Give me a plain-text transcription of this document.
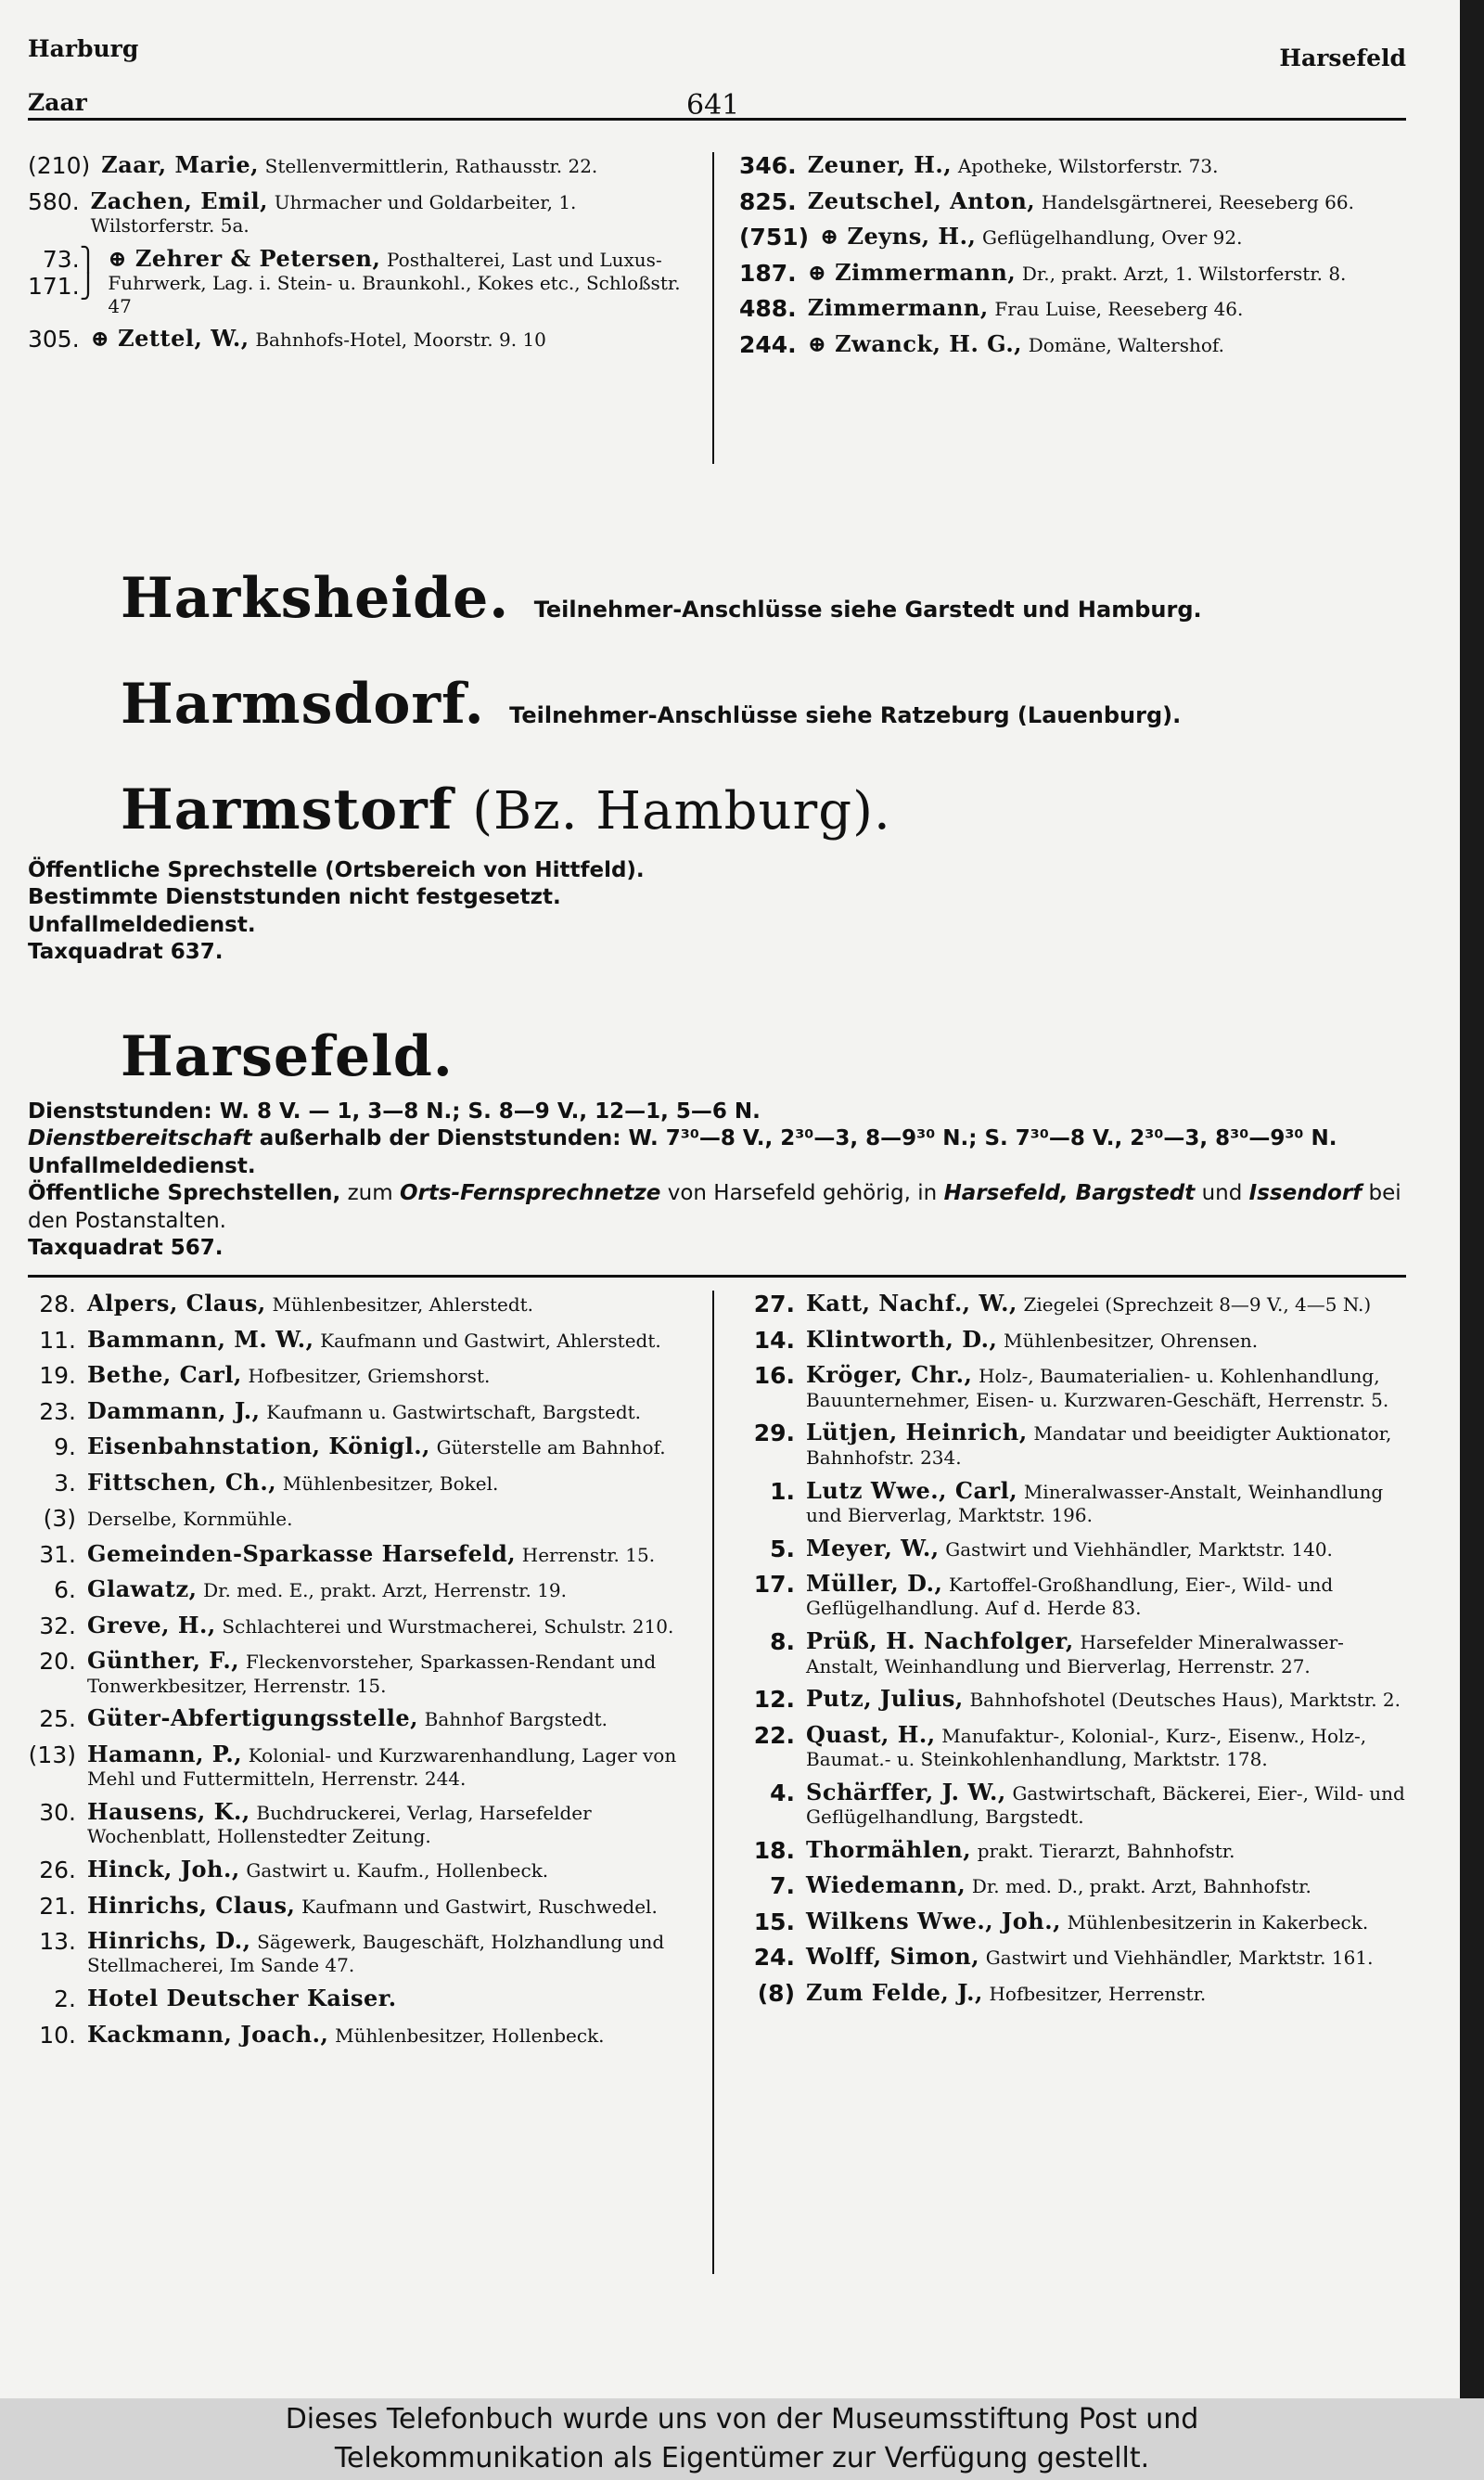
Harburg
Zaar	641
Harsefeld
(210) Zaar, Marie, Stellenvermittlerin, Rathausstr. 22.
580. Zachen, Emil, Uhrmacher und Goldarbeiter, 1. Wilstorferstr. 5a.
73.⎫ 171.⎭
⊕ Zehrer & Petersen, Posthalterei, Last und Luxus-Fuhrwerk, Lag. i. Stein- u. Braunkohl., Kokes etc., Schloßstr. 47
305. ⊕ Zettel, W., Bahnhofs-Hotel, Moorstr. 9. 10
346. Zeuner, H., Apotheke, Wilstorferstr. 73.
825. Zeutschel, Anton, Handelsgärtnerei, Reeseberg 66.
(751) ⊕ Zeyns, H., Geflügelhandlung, Over 92.
187. ⊕ Zimmermann, Dr., prakt. Arzt, 1. Wilstorferstr. 8.
488. Zimmermann, Frau Luise, Reeseberg 46.
244. ⊕ Zwanck, H. G., Domäne, Waltershof.
Harksheide. Teilnehmer-Anschlüsse siehe Garstedt und Hamburg.
Harmsdorf. Teilnehmer-Anschlüsse siehe Ratzeburg (Lauenburg).
Harmstorf (Bz. Hamburg).

Öffentliche Sprechstelle (Ortsbereich von Hittfeld).

Bestimmte Dienststunden nicht festgesetzt.

Unfallmeldedienst.

Taxquadrat 637.

Harsefeld.

Dienststunden: W. 8 V. — 1, 3—8 N.; S. 8—9 V., 12—1, 5—6 N.

Dienstbereitschaft außerhalb der Dienststunden: W. 7³⁰—8 V., 2³⁰—3, 8—9³⁰ N.; S. 7³⁰—8 V., 2³⁰—3, 8³⁰—9³⁰ N.

Unfallmeldedienst.

Öffentliche Sprechstellen, zum Orts-Fernsprechnetze von Harsefeld gehörig, in Harsefeld, Bargstedt und Issendorf bei den Postanstalten.

Taxquadrat 567.

28. Alpers, Claus, Mühlenbesitzer, Ahlerstedt.
11. Bammann, M. W., Kaufmann und Gastwirt, Ahlerstedt.
19. Bethe, Carl, Hofbesitzer, Griemshorst.
23. Dammann, J., Kaufmann u. Gastwirtschaft, Bargstedt.
9. Eisenbahnstation, Königl., Güterstelle am Bahnhof.
3. Fittschen, Ch., Mühlenbesitzer, Bokel.
(3) Derselbe, Kornmühle.
31. Gemeinden-Sparkasse Harsefeld, Herrenstr. 15.
6. Glawatz, Dr. med. E., prakt. Arzt, Herrenstr. 19.
32. Greve, H., Schlachterei und Wurstmacherei, Schulstr. 210.
20. Günther, F., Fleckenvorsteher, Sparkassen-Rendant und Tonwerkbesitzer, Herrenstr. 15.
25. Güter-Abfertigungsstelle, Bahnhof Bargstedt.
(13) Hamann, P., Kolonial- und Kurzwarenhandlung, Lager von Mehl und Futtermitteln, Herrenstr. 244.
30. Hausens, K., Buchdruckerei, Verlag, Harsefelder Wochenblatt, Hollenstedter Zeitung.
26. Hinck, Joh., Gastwirt u. Kaufm., Hollenbeck.
21. Hinrichs, Claus, Kaufmann und Gastwirt, Ruschwedel.
13. Hinrichs, D., Sägewerk, Baugeschäft, Holzhandlung und Stellmacherei, Im Sande 47.
2. Hotel Deutscher Kaiser.
10. Kackmann, Joach., Mühlenbesitzer, Hollenbeck.
27. Katt, Nachf., W., Ziegelei (Sprechzeit 8—9 V., 4—5 N.)
14. Klintworth, D., Mühlenbesitzer, Ohrensen.
16. Kröger, Chr., Holz-, Baumaterialien- u. Kohlenhandlung, Bauunternehmer, Eisen- u. Kurzwaren-Geschäft, Herrenstr. 5.
29. Lütjen, Heinrich, Mandatar und beeidigter Auktionator, Bahnhofstr. 234.
1. Lutz Wwe., Carl, Mineralwasser-Anstalt, Weinhandlung und Bierverlag, Marktstr. 196.
5. Meyer, W., Gastwirt und Viehhändler, Marktstr. 140.
17. Müller, D., Kartoffel-Großhandlung, Eier-, Wild- und Geflügelhandlung. Auf d. Herde 83.
8. Prüß, H. Nachfolger, Harsefelder Mineralwasser-Anstalt, Weinhandlung und Bierverlag, Herrenstr. 27.
12. Putz, Julius, Bahnhofshotel (Deutsches Haus), Marktstr. 2.
22. Quast, H., Manufaktur-, Kolonial-, Kurz-, Eisenw., Holz-, Baumat.- u. Steinkohlenhandlung, Marktstr. 178.
4. Schärffer, J. W., Gastwirtschaft, Bäckerei, Eier-, Wild- und Geflügelhandlung, Bargstedt.
18. Thormählen, prakt. Tierarzt, Bahnhofstr.
7. Wiedemann, Dr. med. D., prakt. Arzt, Bahnhofstr.
15. Wilkens Wwe., Joh., Mühlenbesitzerin in Kakerbeck.
24. Wolff, Simon, Gastwirt und Viehhändler, Marktstr. 161.
(8) Zum Felde, J., Hofbesitzer, Herrenstr.
Dieses Telefonbuch wurde uns von der Museumsstiftung Post und
Telekommunikation als Eigentümer zur Verfügung gestellt.
